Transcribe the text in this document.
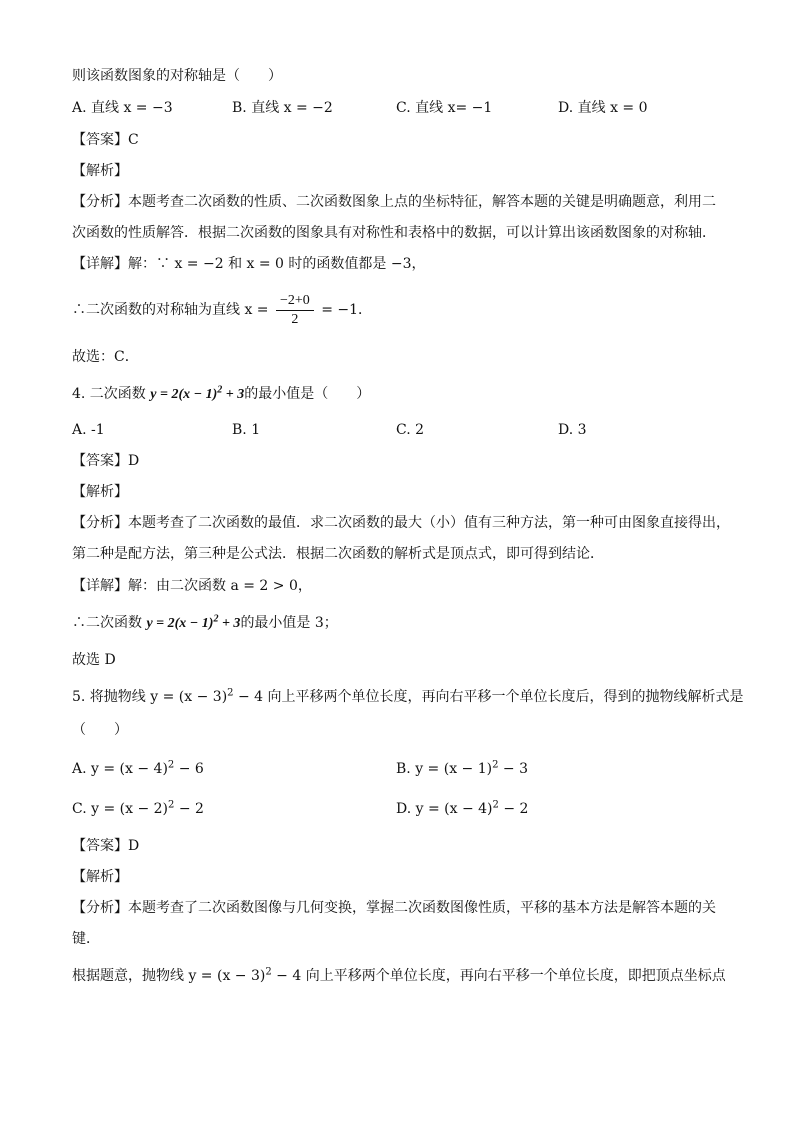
则该函数图象的对称轴是（　　）
A. 直线 x = −3	B. 直线 x = −2	C. 直线 x= −1	D. 直线 x = 0
【答案】C
【解析】
【分析】本题考查二次函数的性质、二次函数图象上点的坐标特征，解答本题的关键是明确题意，利用二
次函数的性质解答．根据二次函数的图象具有对称性和表格中的数据，可以计算出该函数图象的对称轴．
【详解】解：∵ x = −2 和 x = 0 时的函数值都是 −3，
∴二次函数的对称轴为直线 $x = \frac{-2+0}{2} = -1$．
故选：C．
4. 二次函数 $y = 2(x - 1)^2 + 3$的最小值是（　　）
A. -1	B. 1	C. 2	D. 3
【答案】D
【解析】
【分析】本题考查了二次函数的最值．求二次函数的最大（小）值有三种方法，第一种可由图象直接得出，
第二种是配方法，第三种是公式法．根据二次函数的解析式是顶点式，即可得到结论．
【详解】解：由二次函数 a = 2 > 0，
∴二次函数 $y = 2(x - 1)^2 + 3$的最小值是 3；
故选 D
5. 将抛物线 $y = (x - 3)^2 - 4$ 向上平移两个单位长度，再向右平移一个单位长度后，得到的抛物线解析式是
（　　）
A. $y = (x - 4)^2 - 6$	B. $y = (x - 1)^2 - 3$
C. $y = (x - 2)^2 - 2$	D. $y = (x - 4)^2 - 2$
【答案】D
【解析】
【分析】本题考查了二次函数图像与几何变换，掌握二次函数图像性质，平移的基本方法是解答本题的关
键．
根据题意，抛物线 $y = (x - 3)^2 - 4$ 向上平移两个单位长度，再向右平移一个单位长度，即把顶点坐标点
